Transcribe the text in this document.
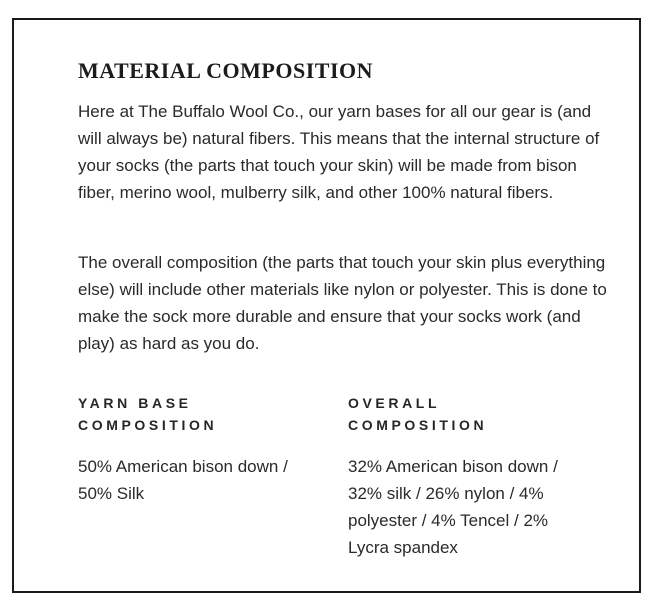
MATERIAL COMPOSITION

Here at The Buffalo Wool Co., our yarn bases for all our gear is (and will always be) natural fibers. This means that the internal structure of your socks (the parts that touch your skin) will be made from bison fiber, merino wool, mulberry silk, and other 100% natural fibers.

The overall composition (the parts that touch your skin plus everything else) will include other materials like nylon or polyester. This is done to make the sock more durable and ensure that your socks work (and play) as hard as you do.

YARN BASE
COMPOSITION

50% American bison down / 50% Silk

OVERALL
COMPOSITION

32% American bison down / 32% silk / 26% nylon / 4% polyester / 4% Tencel / 2% Lycra spandex
